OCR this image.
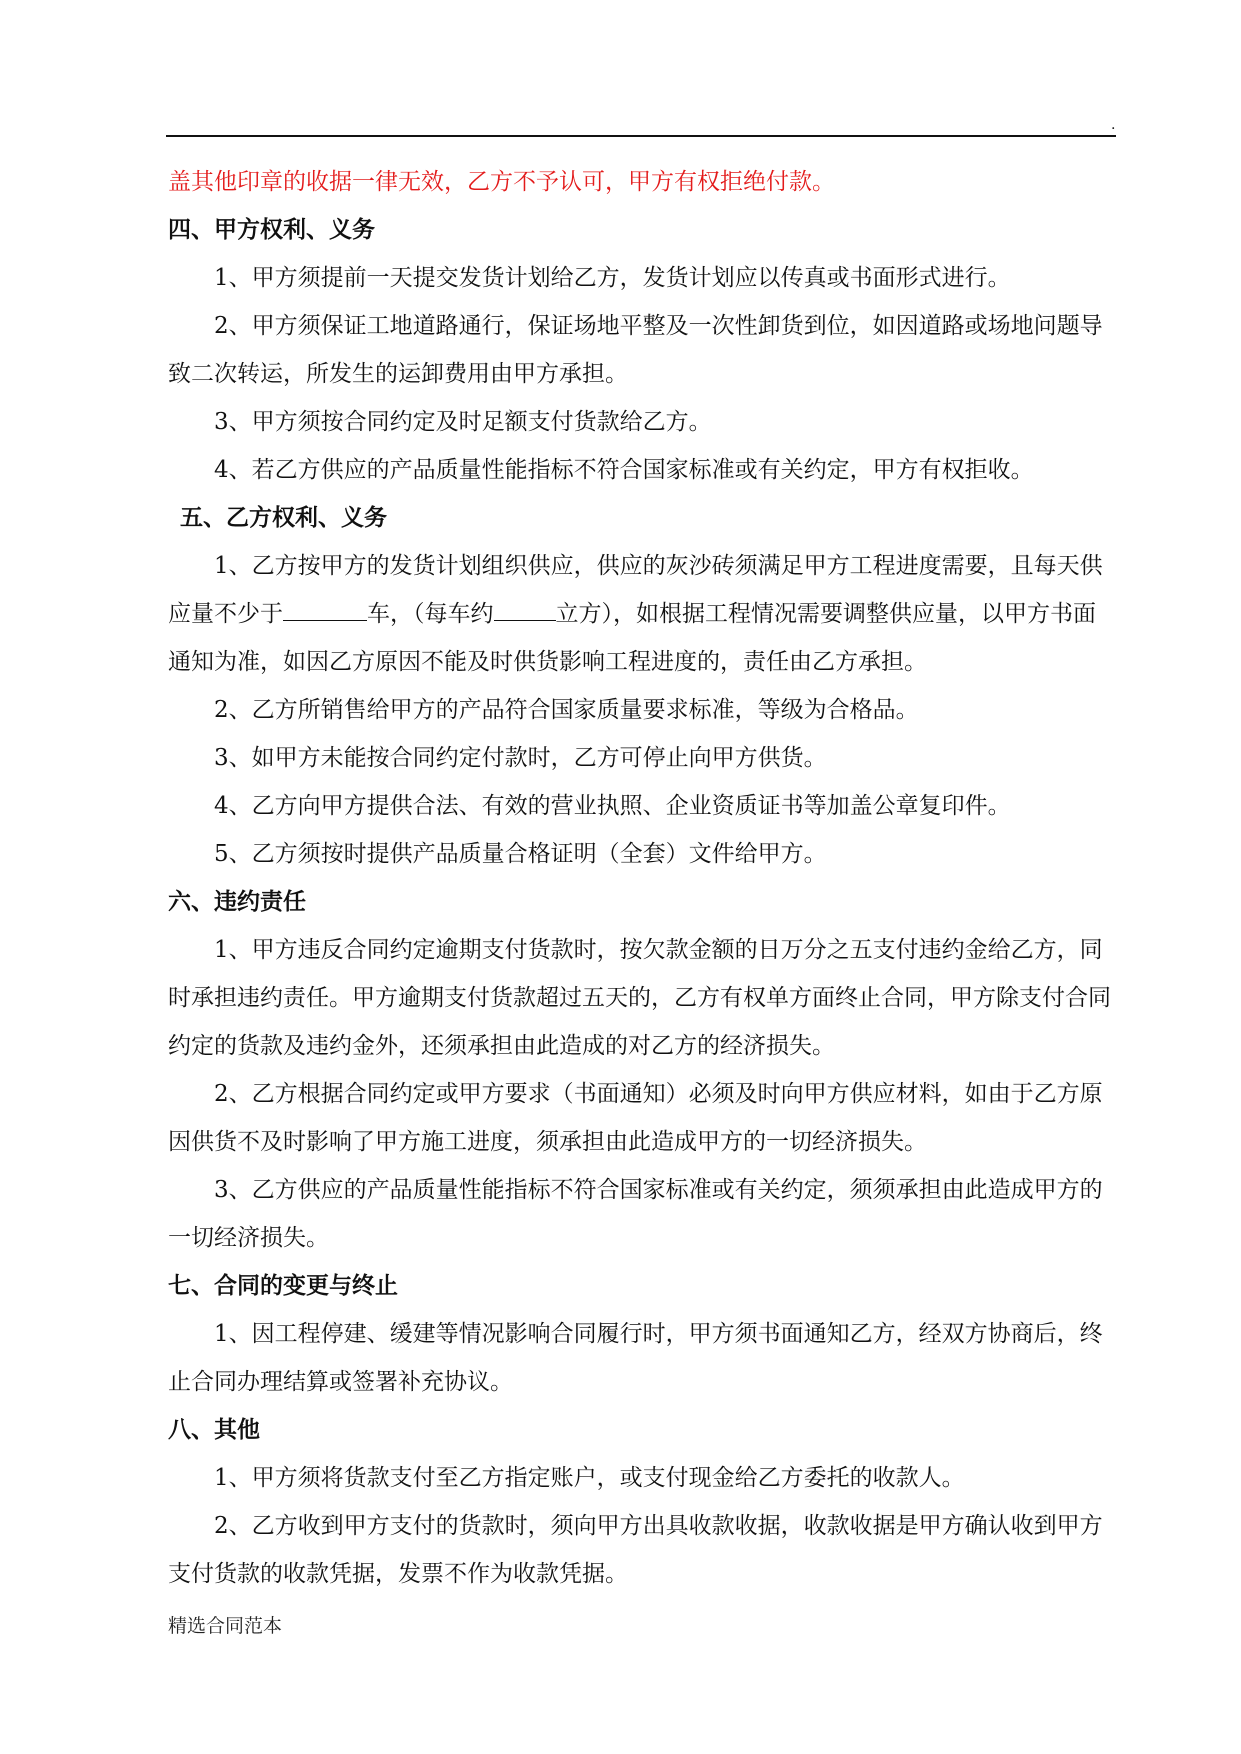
.

盖其他印章的收据一律无效，乙方不予认可，甲方有权拒绝付款。

四、甲方权利、义务

1、甲方须提前一天提交发货计划给乙方，发货计划应以传真或书面形式进行。

2、甲方须保证工地道路通行，保证场地平整及一次性卸货到位，如因道路或场地问题导致二次转运，所发生的运卸费用由甲方承担。

3、甲方须按合同约定及时足额支付货款给乙方。

4、若乙方供应的产品质量性能指标不符合国家标准或有关约定，甲方有权拒收。

五、乙方权利、义务

1、乙方按甲方的发货计划组织供应，供应的灰沙砖须满足甲方工程进度需要，且每天供应量不少于	车，（每车约	立方），如根据工程情况需要调整供应量，以甲方书面通知为准，如因乙方原因不能及时供货影响工程进度的，责任由乙方承担。

2、乙方所销售给甲方的产品符合国家质量要求标准，等级为合格品。

3、如甲方未能按合同约定付款时，乙方可停止向甲方供货。

4、乙方向甲方提供合法、有效的营业执照、企业资质证书等加盖公章复印件。

5、乙方须按时提供产品质量合格证明（全套）文件给甲方。

六、违约责任

1、甲方违反合同约定逾期支付货款时，按欠款金额的日万分之五支付违约金给乙方，同时承担违约责任。甲方逾期支付货款超过五天的，乙方有权单方面终止合同，甲方除支付合同约定的货款及违约金外，还须承担由此造成的对乙方的经济损失。

2、乙方根据合同约定或甲方要求（书面通知）必须及时向甲方供应材料，如由于乙方原因供货不及时影响了甲方施工进度，须承担由此造成甲方的一切经济损失。

3、乙方供应的产品质量性能指标不符合国家标准或有关约定，须须承担由此造成甲方的一切经济损失。

七、合同的变更与终止

1、因工程停建、缓建等情况影响合同履行时，甲方须书面通知乙方，经双方协商后，终止合同办理结算或签署补充协议。

八、其他

1、甲方须将货款支付至乙方指定账户，或支付现金给乙方委托的收款人。

2、乙方收到甲方支付的货款时，须向甲方出具收款收据，收款收据是甲方确认收到甲方支付货款的收款凭据，发票不作为收款凭据。

精选合同范本
